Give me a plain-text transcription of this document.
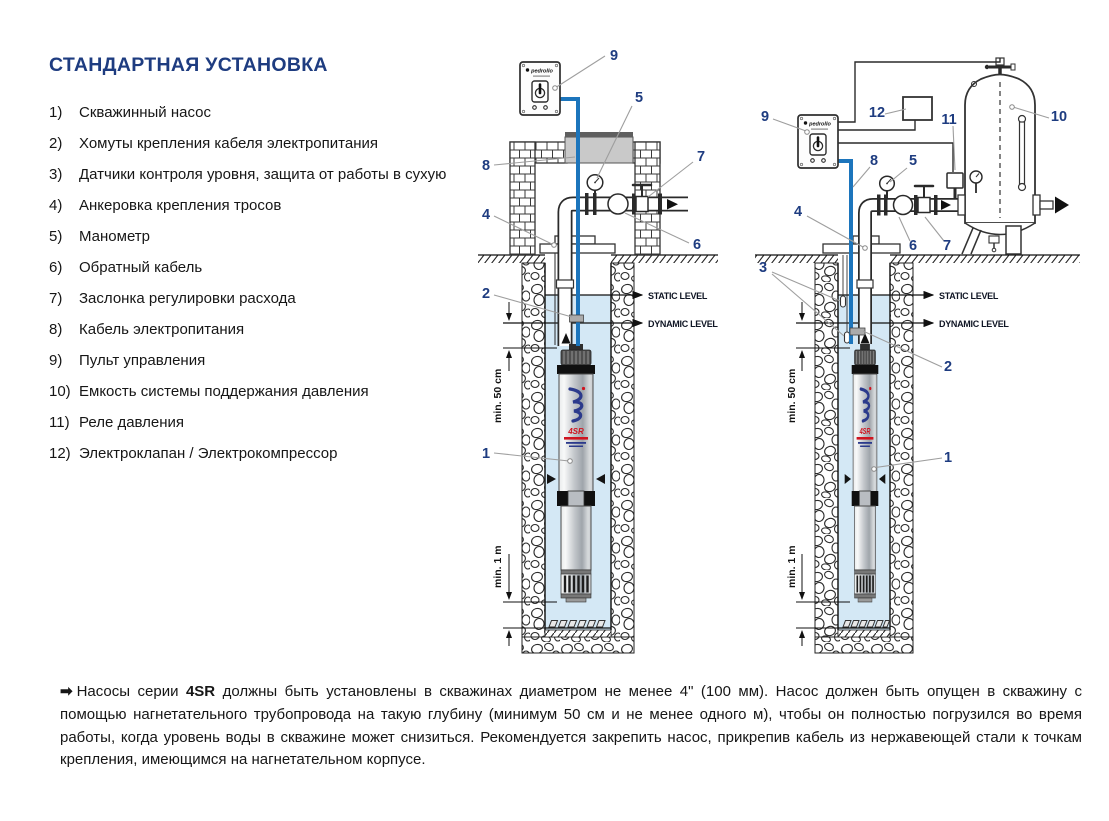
СТАНДАРТНАЯ УСТАНОВКА
1)	Скважинный насос
2)	Хомуты крепления кабеля электропитания
3)	Датчики контроля уровня, защита от работы в сухую
4)	Анкеровка крепления тросов
5)	Манометр
6)	Обратный кабель
7)	Заслонка регулировки расхода
8)	Кабель электропитания
9)	Пульт управления
10) Емкость системы поддержания давления
11) Реле давления
12) Электроклапан / Электрокомпрессор
4SR
pedrollo
STATIC LEVEL
DYNAMIC LEVEL
min. 50 cm
min. 1 m
9
5
8
7
4
6
2
1
STATIC LEVEL
DYNAMIC LEVEL
min. 50 cm
min. 1 m
9	12	11	10
8 5
4
6 7
3
2
1
➡ Насосы серии 4SR должны быть установлены в скважинах диаметром не менее 4" (100 мм). Насос должен быть опущен в скважину с помощью нагнетательного трубопровода на такую глубину (минимум 50 см и не менее одного м), чтобы он полностью погрузился во время работы, когда уровень воды в скважине может снизиться. Рекомендуется закрепить насос, прикрепив кабель из нержавеющей стали к точкам крепления, имеющимся на нагнетательном корпусе.
